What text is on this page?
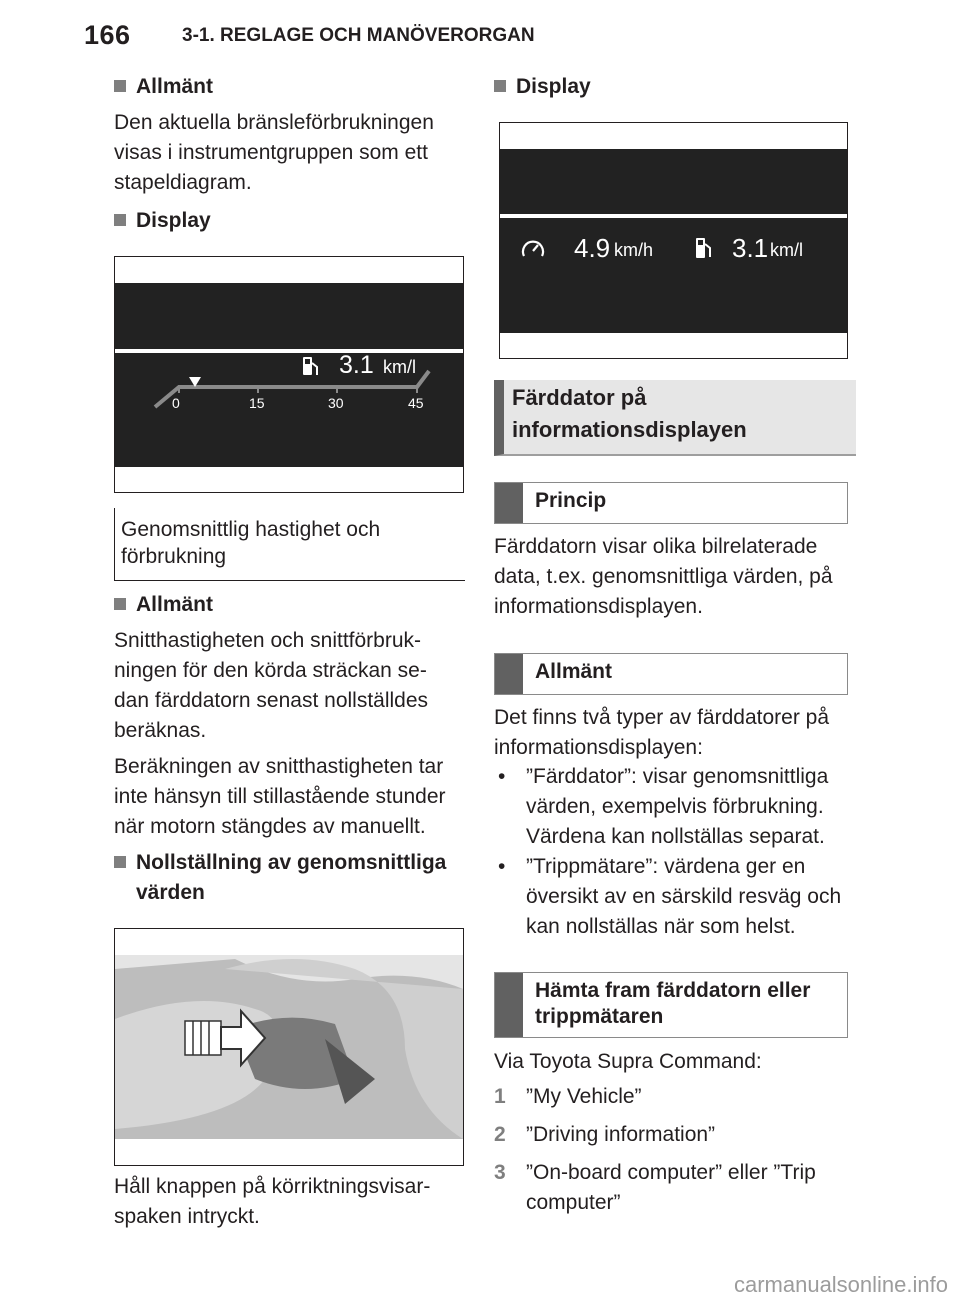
166	3-1. REGLAGE OCH MANÖVERORGAN
Allmänt
Den aktuella bränsleförbrukningen
visas i instrumentgruppen som ett
stapeldiagram.
Display
3.1 km/l
0	15	30	45
Genomsnittlig hastighet och
förbrukning
Allmänt
Snitthastigheten och snittförbruk-
ningen för den körda sträckan se-
dan färddatorn senast nollställdes
beräknas.
Beräkningen av snitthastigheten tar
inte hänsyn till stillastående stunder
när motorn stängdes av manuellt.
Nollställning av genomsnittliga
värden
Håll knappen på körriktningsvisar-
spaken intryckt.
Display
4.9 km/h	3.1 km/l
Färddator på
informationsdisplayen
Princip
Färddatorn visar olika bilrelaterade
data, t.ex. genomsnittliga värden, på
informationsdisplayen.
Allmänt
Det finns två typer av färddatorer på
informationsdisplayen:
• ”Färddator”: visar genomsnittliga
värden, exempelvis förbrukning.
Värdena kan nollställas separat.
• ”Trippmätare”: värdena ger en
översikt av en särskild resväg och
kan nollställas när som helst.
Hämta fram färddatorn eller
trippmätaren
Via Toyota Supra Command:
1 ”My Vehicle”
2 ”Driving information”
3 ”On-board computer” eller ”Trip
computer”
carmanualsonline.info
